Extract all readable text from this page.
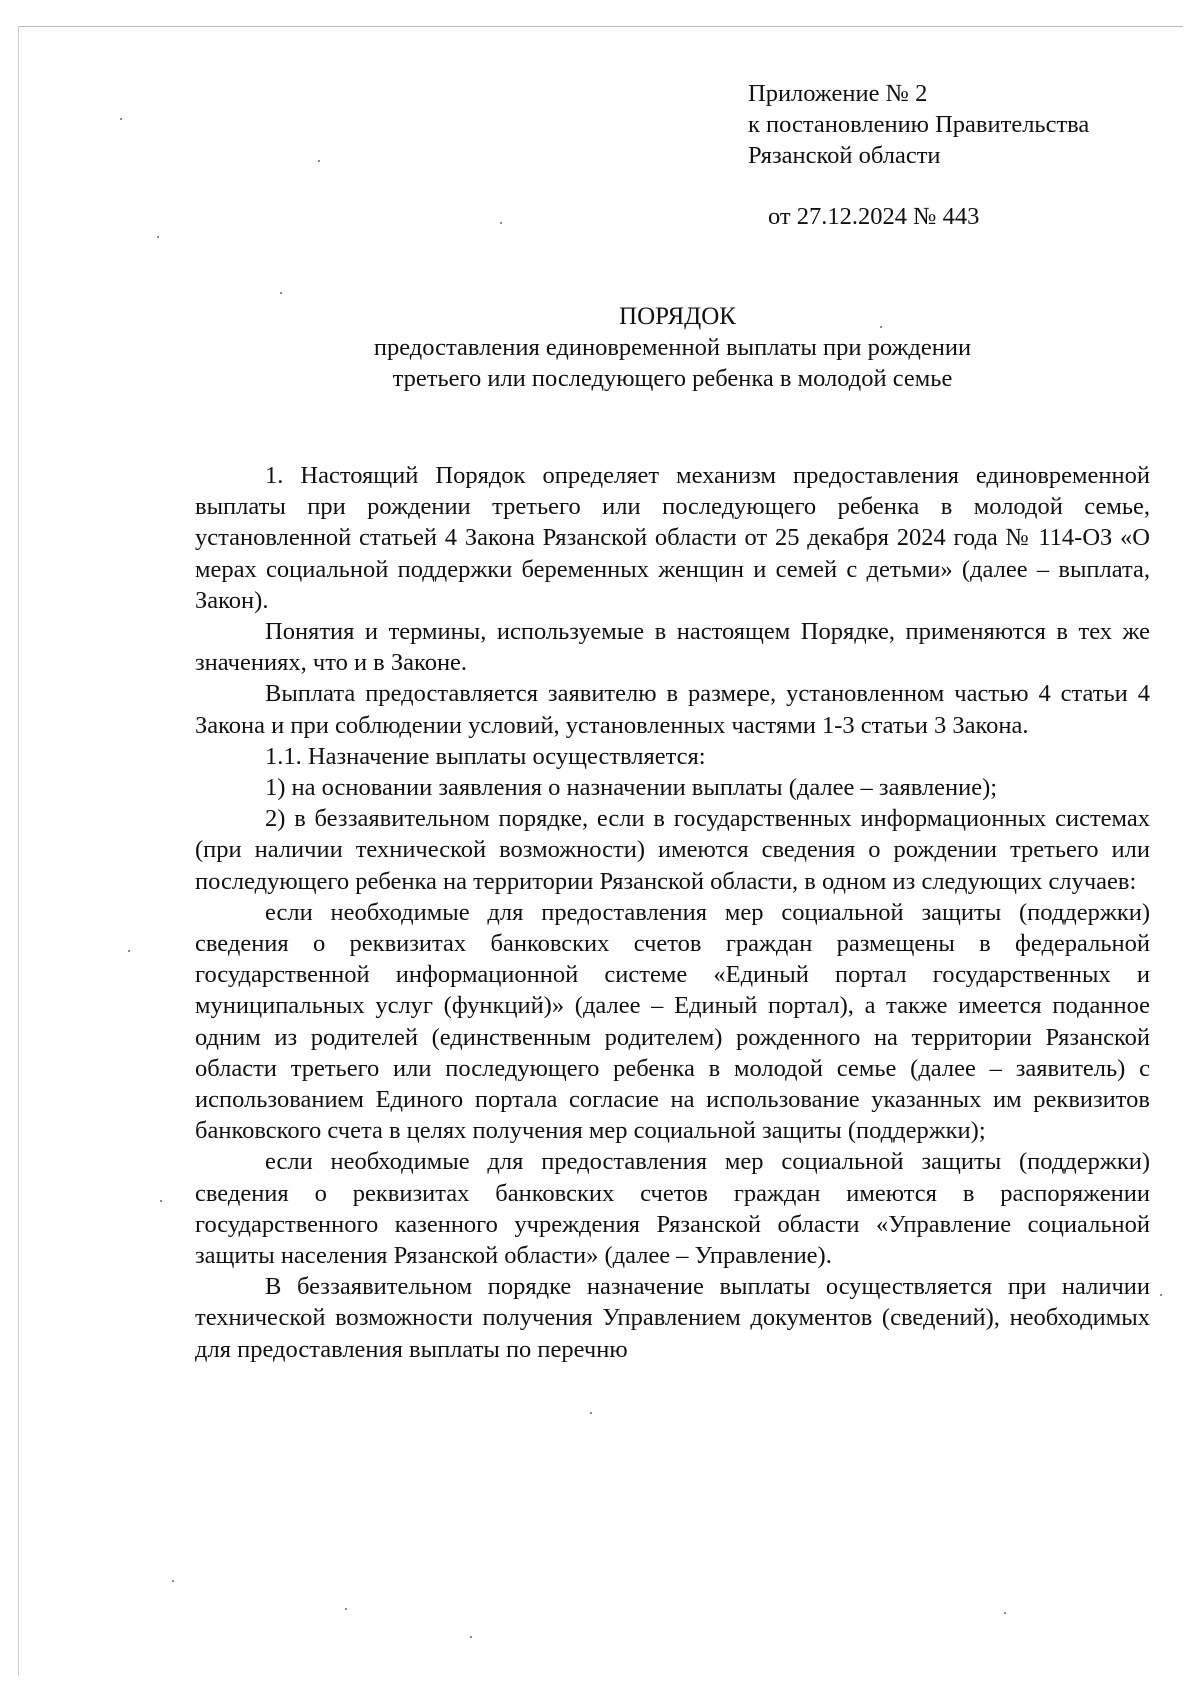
Приложение № 2
к постановлению Правительства
Рязанской области
от 27.12.2024 № 443
ПОРЯДОК
предоставления единовременной выплаты при рождении
третьего или последующего ребенка в молодой семье

1. Настоящий Порядок определяет механизм предоставления единовременной выплаты при рождении третьего или последующего ребенка в молодой семье, установленной статьей 4 Закона Рязанской области от 25 декабря 2024 года № 114-ОЗ «О мерах социальной поддержки беременных женщин и семей с детьми» (далее – выплата, Закон).

Понятия и термины, используемые в настоящем Порядке, применяются в тех же значениях, что и в Законе.

Выплата предоставляется заявителю в размере, установленном частью 4 статьи 4 Закона и при соблюдении условий, установленных частями 1-3 статьи 3 Закона.

1.1. Назначение выплаты осуществляется:

1) на основании заявления о назначении выплаты (далее – заявление);

2) в беззаявительном порядке, если в государственных информационных системах (при наличии технической возможности) имеются сведения о рождении третьего или последующего ребенка на территории Рязанской области, в одном из следующих случаев:

если необходимые для предоставления мер социальной защиты (поддержки) сведения о реквизитах банковских счетов граждан размещены в федеральной государственной информационной системе «Единый портал государственных и муниципальных услуг (функций)» (далее – Единый портал), а также имеется поданное одним из родителей (единственным родителем) рожденного на территории Рязанской области третьего или последующего ребенка в молодой семье (далее – заявитель) с использованием Единого портала согласие на использование указанных им реквизитов банковского счета в целях получения мер социальной защиты (поддержки);

если необходимые для предоставления мер социальной защиты (поддержки) сведения о реквизитах банковских счетов граждан имеются в распоряжении государственного казенного учреждения Рязанской области «Управление социальной защиты населения Рязанской области» (далее – Управление).

В беззаявительном порядке назначение выплаты осуществляется при наличии технической возможности получения Управлением документов (сведений), необходимых для предоставления выплаты по перечню
